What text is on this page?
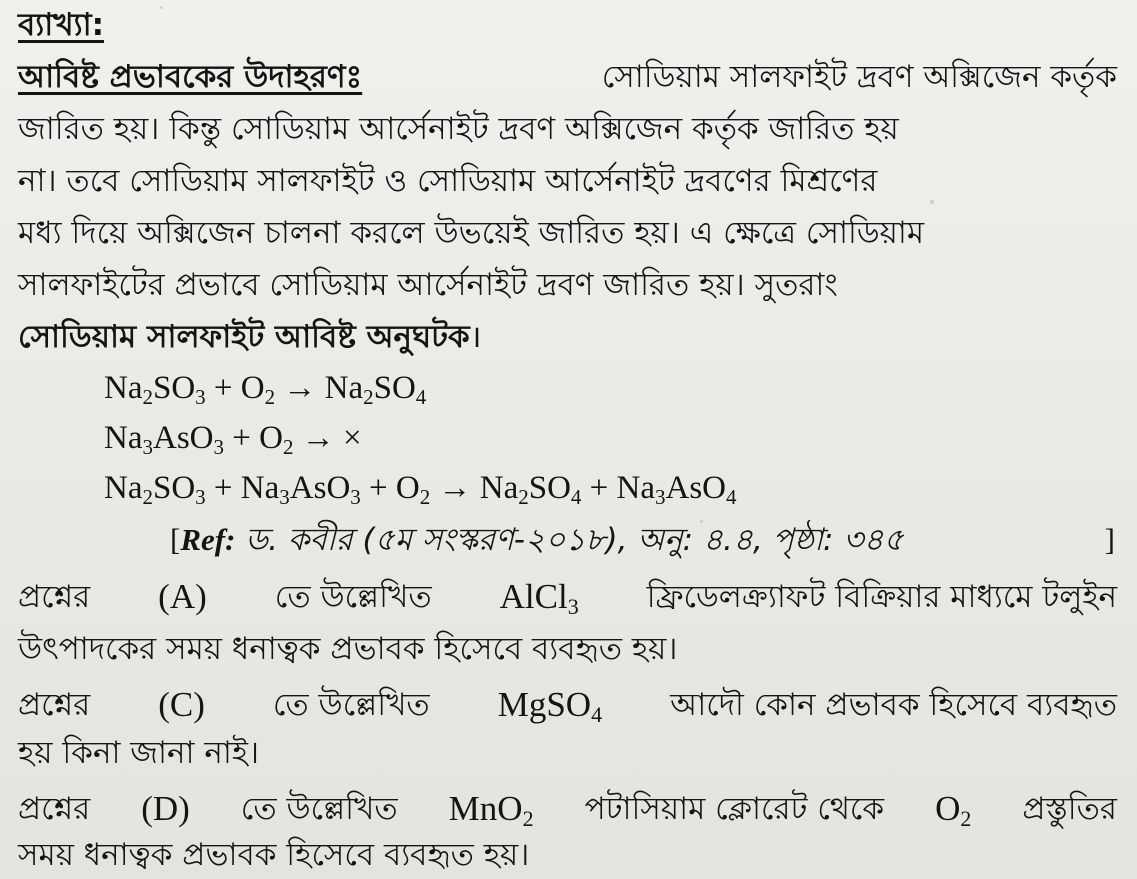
ব্যাখ্যা:
আবিষ্ট প্রভাবকের উদাহরণঃ	সোডিয়াম সালফাইট দ্রবণ অক্সিজেন কর্তৃক
জারিত হয়। কিন্তু সোডিয়াম আর্সেনাইট দ্রবণ অক্সিজেন কর্তৃক জারিত হয়
না। তবে সোডিয়াম সালফাইট ও সোডিয়াম আর্সেনাইট দ্রবণের মিশ্রণের
মধ্য দিয়ে অক্সিজেন চালনা করলে উভয়েই জারিত হয়। এ ক্ষেত্রে সোডিয়াম
সালফাইটের প্রভাবে সোডিয়াম আর্সেনাইট দ্রবণ জারিত হয়। সুতরাং
সোডিয়াম সালফাইট আবিষ্ট অনুঘটক।
$Na_2SO_3 + O_2 \to Na_2SO_4$
$Na_3AsO_3 + O_2$ → ×
$Na_2SO_3 + Na_3AsO_3 + O_2 \to Na_2SO_4 + Na_3AsO_4$
[Ref: ড. কবীর (৫ম সংস্করণ-২০১৮), অনু: ৪.৪, পৃষ্ঠা: ৩৪৫	]
প্রশ্নের (A) তে উল্লেখিত AlCl$_3$ ফ্রিডেলক্র্যাফট বিক্রিয়ার মাধ্যমে টলুইন
উৎপাদকের সময় ধনাত্বক প্রভাবক হিসেবে ব্যবহৃত হয়।
প্রশ্নের (C) তে উল্লেখিত MgSO$_4$ আদৌ কোন প্রভাবক হিসেবে ব্যবহৃত
হয় কিনা জানা নাই।
প্রশ্নের (D) তে উল্লেখিত MnO$_2$ পটাসিয়াম ক্লোরেট থেকে $O_2$ প্রস্তুতির
সময় ধনাত্বক প্রভাবক হিসেবে ব্যবহৃত হয়।
